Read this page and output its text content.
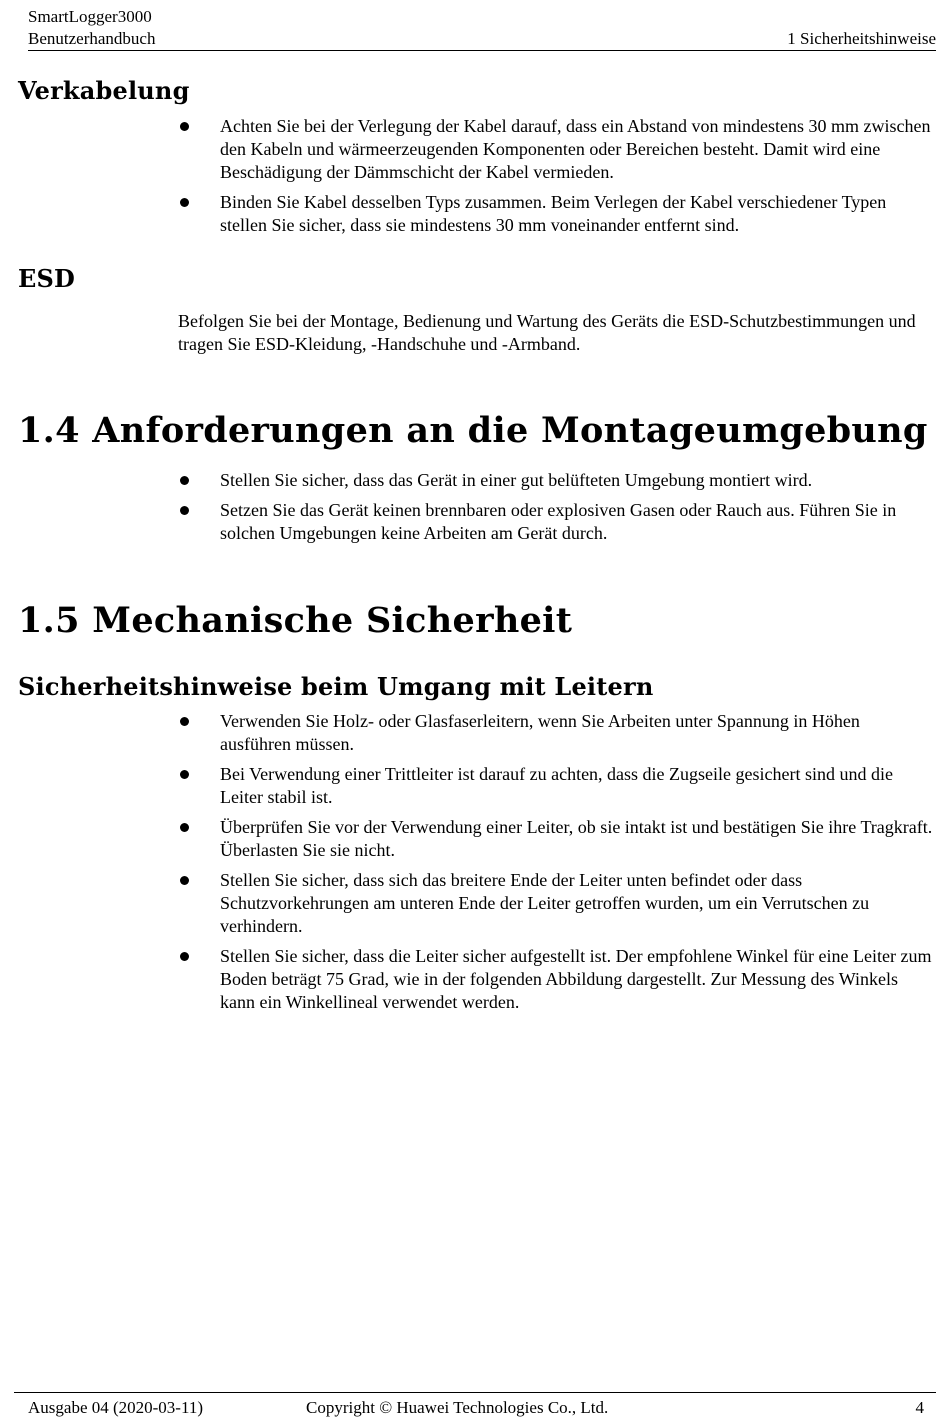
SmartLogger3000
Benutzerhandbuch	1 Sicherheitshinweise
Verkabelung
Achten Sie bei der Verlegung der Kabel darauf, dass ein Abstand von mindestens 30 mm zwischen den Kabeln und wärmeerzeugenden Komponenten oder Bereichen besteht. Damit wird eine Beschädigung der Dämmschicht der Kabel vermieden.
Binden Sie Kabel desselben Typs zusammen. Beim Verlegen der Kabel verschiedener Typen stellen Sie sicher, dass sie mindestens 30 mm voneinander entfernt sind.
ESD

Befolgen Sie bei der Montage, Bedienung und Wartung des Geräts die ESD-Schutzbestimmungen und tragen Sie ESD-Kleidung, -Handschuhe und -Armband.

1.4 Anforderungen an die Montageumgebung
Stellen Sie sicher, dass das Gerät in einer gut belüfteten Umgebung montiert wird.
Setzen Sie das Gerät keinen brennbaren oder explosiven Gasen oder Rauch aus. Führen Sie in solchen Umgebungen keine Arbeiten am Gerät durch.
1.5 Mechanische Sicherheit
Sicherheitshinweise beim Umgang mit Leitern
Verwenden Sie Holz- oder Glasfaserleitern, wenn Sie Arbeiten unter Spannung in Höhen ausführen müssen.
Bei Verwendung einer Trittleiter ist darauf zu achten, dass die Zugseile gesichert sind und die Leiter stabil ist.
Überprüfen Sie vor der Verwendung einer Leiter, ob sie intakt ist und bestätigen Sie ihre Tragkraft. Überlasten Sie sie nicht.
Stellen Sie sicher, dass sich das breitere Ende der Leiter unten befindet oder dass Schutzvorkehrungen am unteren Ende der Leiter getroffen wurden, um ein Verrutschen zu verhindern.
Stellen Sie sicher, dass die Leiter sicher aufgestellt ist. Der empfohlene Winkel für eine Leiter zum Boden beträgt 75 Grad, wie in der folgenden Abbildung dargestellt. Zur Messung des Winkels kann ein Winkellineal verwendet werden.
Ausgabe 04 (2020-03-11)	Copyright © Huawei Technologies Co., Ltd.	4
